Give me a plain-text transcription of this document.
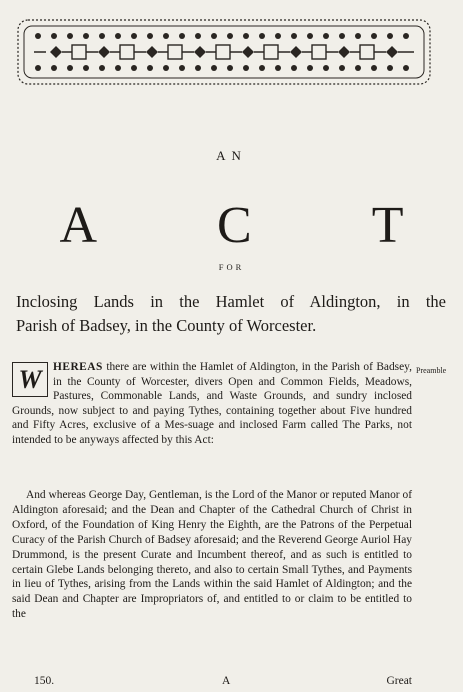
AN
A C T
FOR
Inclosing Lands in the Hamlet of Aldington, in the
Parish of Badsey, in the County of Worcester.
W	HEREAS there are within the Hamlet of Aldington, in the Parish of Badsey, in the County of Worcester, divers Open and Common Fields, Meadows, Pastures, Commonable Lands, and Waste Grounds, and sundry inclosed Grounds, now subject to and paying Tythes, containing together about Five hundred and Fifty Acres, exclusive of a Mes-suage and inclosed Farm called The Parks, not intended to be anyways affected by this Act:
Preamble
And whereas George Day, Gentleman, is the Lord of the Manor or reputed Manor of Aldington aforesaid; and the Dean and Chapter of the Cathedral Church of Christ in Oxford, of the Foundation of King Henry the Eighth, are the Patrons of the Perpetual Curacy of the Parish Church of Badsey aforesaid; and the Reverend George Auriol Hay Drummond, is the present Curate and Incumbent thereof, and as such is entitled to certain Glebe Lands belonging thereto, and also to certain Small Tythes, and Payments in lieu of Tythes, arising from the Lands within the said Hamlet of Aldington; and the said Dean and Chapter are Impropriators of, and entitled to or claim to be entitled to the
150.	A	Great
